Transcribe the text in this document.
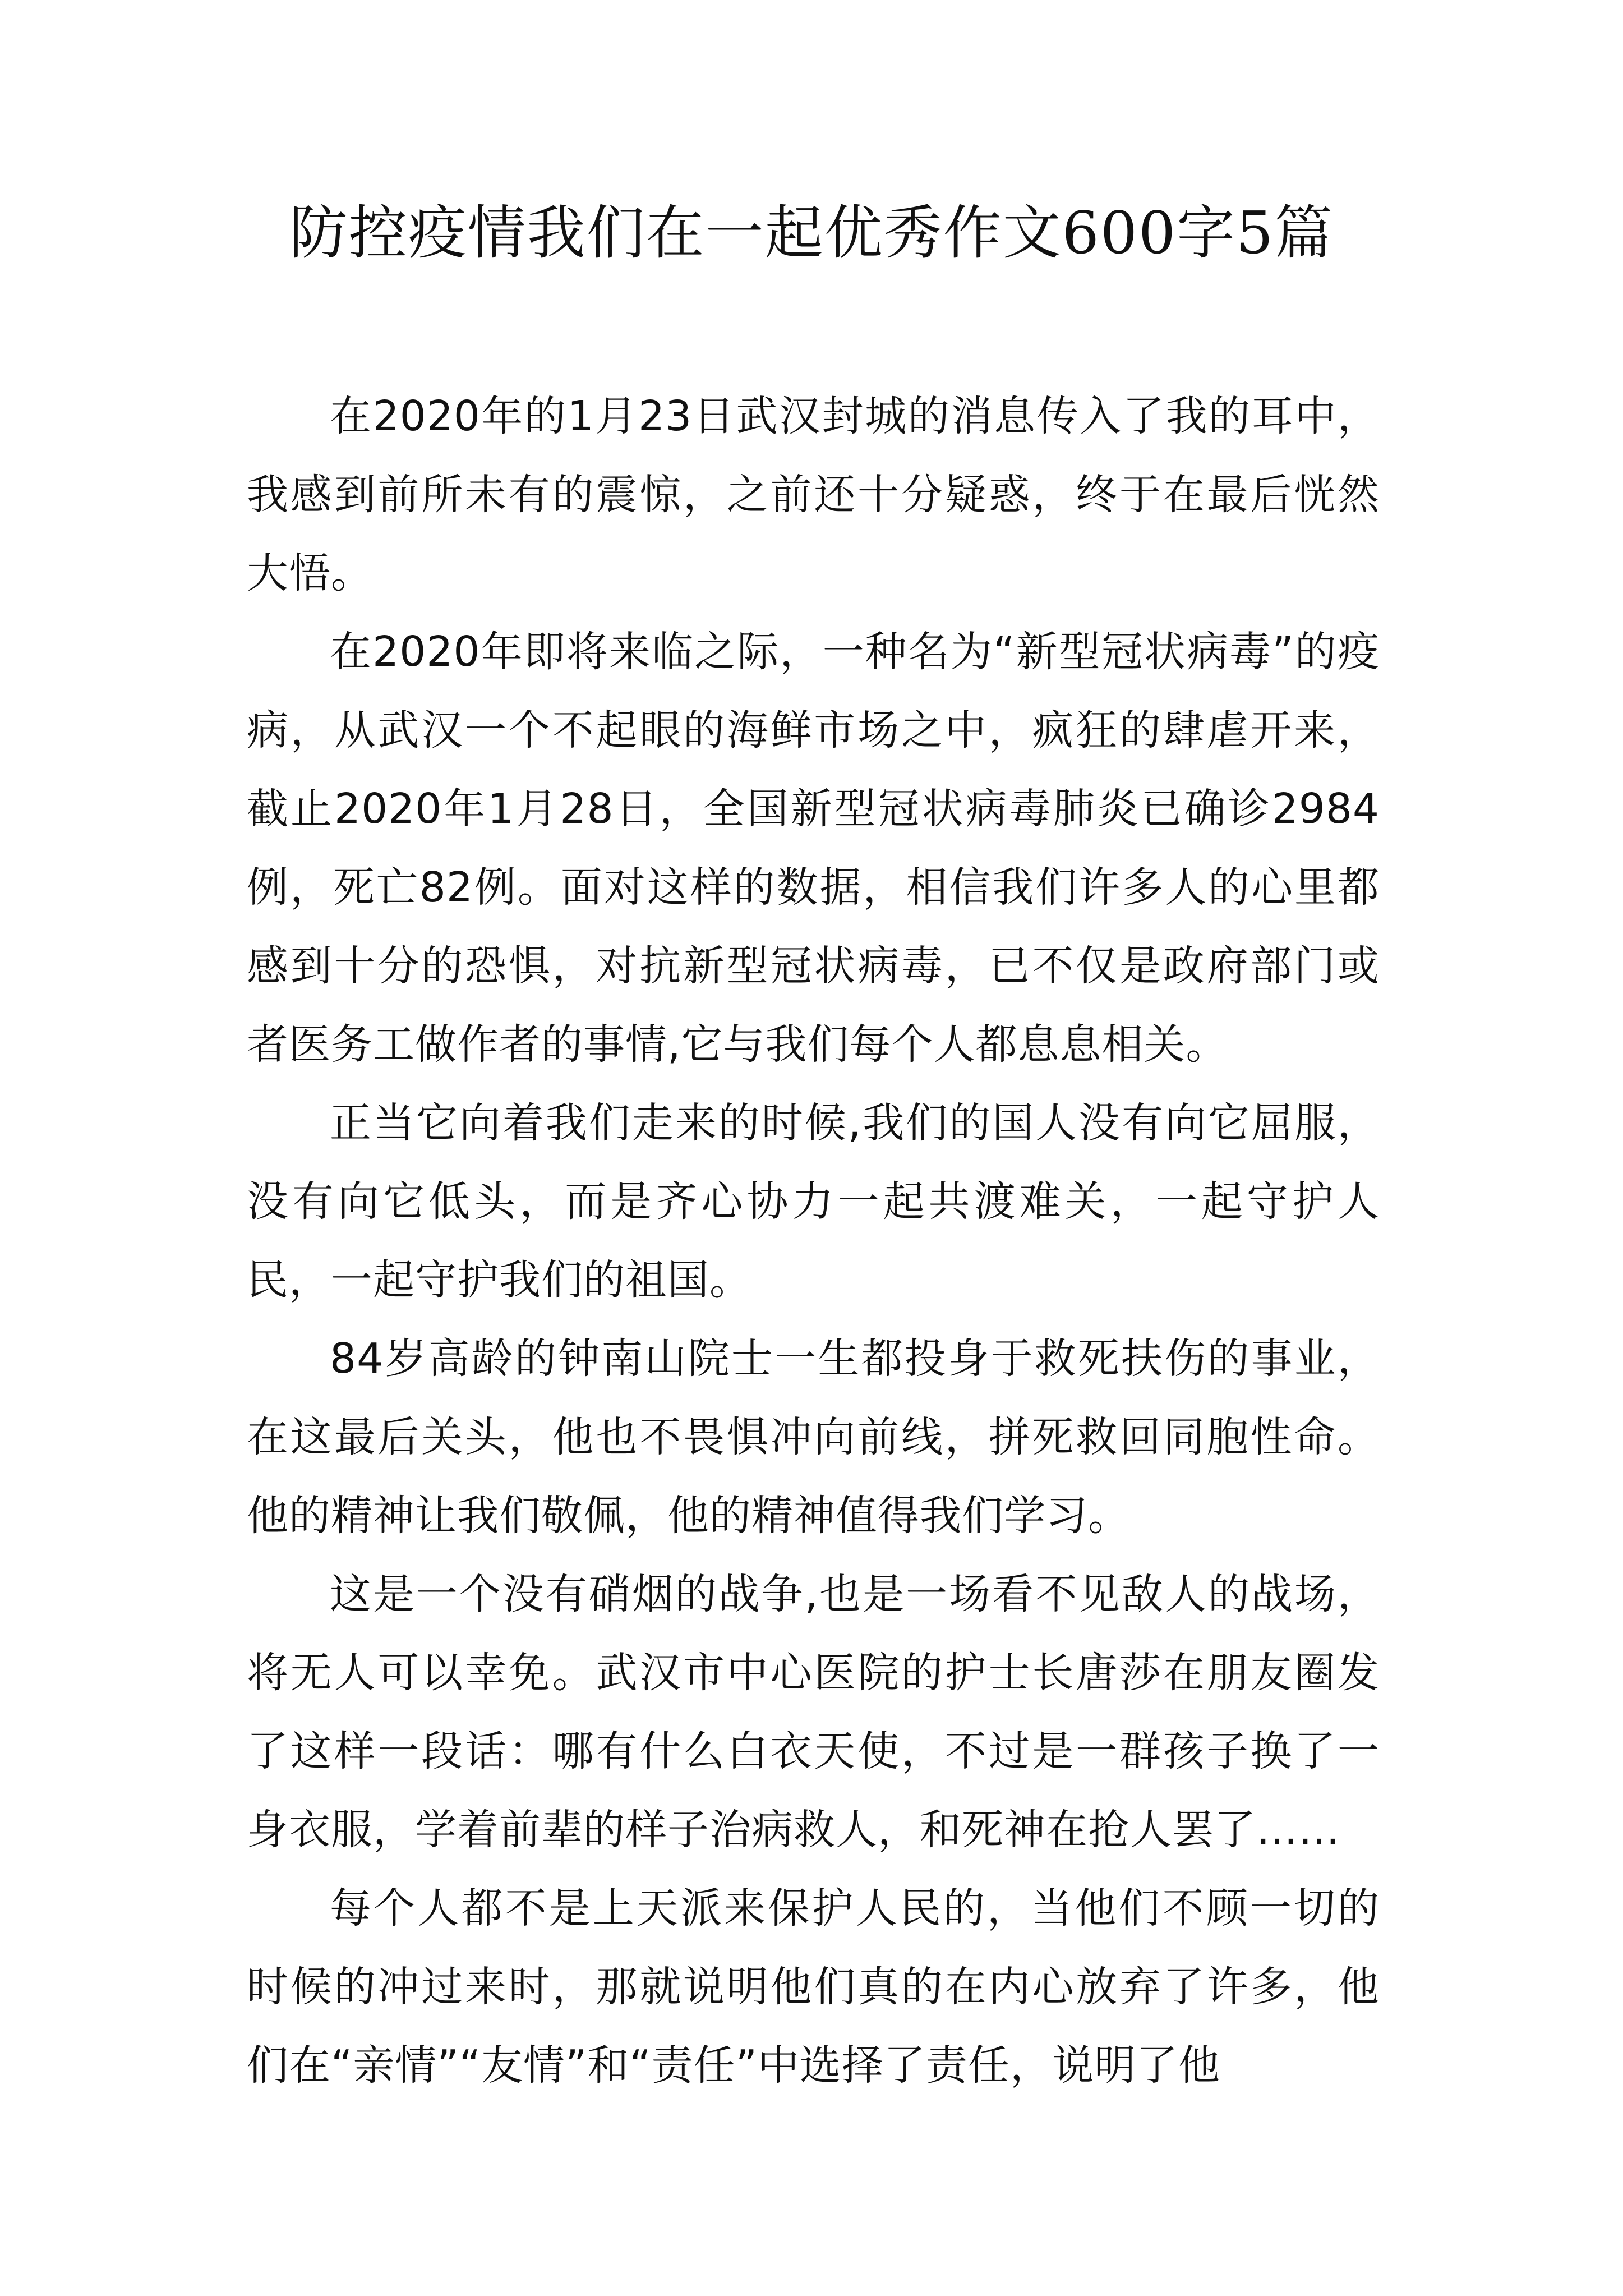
防控疫情我们在一起优秀作文600字5篇

在2020年的1月23日武汉封城的消息传入了我的耳中，我感到前所未有的震惊，之前还十分疑惑，终于在最后恍然大悟。

在2020年即将来临之际，一种名为“新型冠状病毒”的疫病，从武汉一个不起眼的海鲜市场之中，疯狂的肆虐开来，截止2020年1月28日，全国新型冠状病毒肺炎已确诊2984例，死亡82例。面对这样的数据，相信我们许多人的心里都感到十分的恐惧，对抗新型冠状病毒，已不仅是政府部门或者医务工做作者的事情,它与我们每个人都息息相关。

正当它向着我们走来的时候,我们的国人没有向它屈服，没有向它低头，而是齐心协力一起共渡难关，一起守护人民，一起守护我们的祖国。

84岁高龄的钟南山院士一生都投身于救死扶伤的事业，在这最后关头，他也不畏惧冲向前线，拼死救回同胞性命。他的精神让我们敬佩，他的精神值得我们学习。

这是一个没有硝烟的战争,也是一场看不见敌人的战场，将无人可以幸免。武汉市中心医院的护士长唐莎在朋友圈发了这样一段话：哪有什么白衣天使，不过是一群孩子换了一身衣服，学着前辈的样子治病救人，和死神在抢人罢了……

每个人都不是上天派来保护人民的，当他们不顾一切的时候的冲过来时，那就说明他们真的在内心放弃了许多，他们在“亲情”“友情”和“责任”中选择了责任，说明了他
